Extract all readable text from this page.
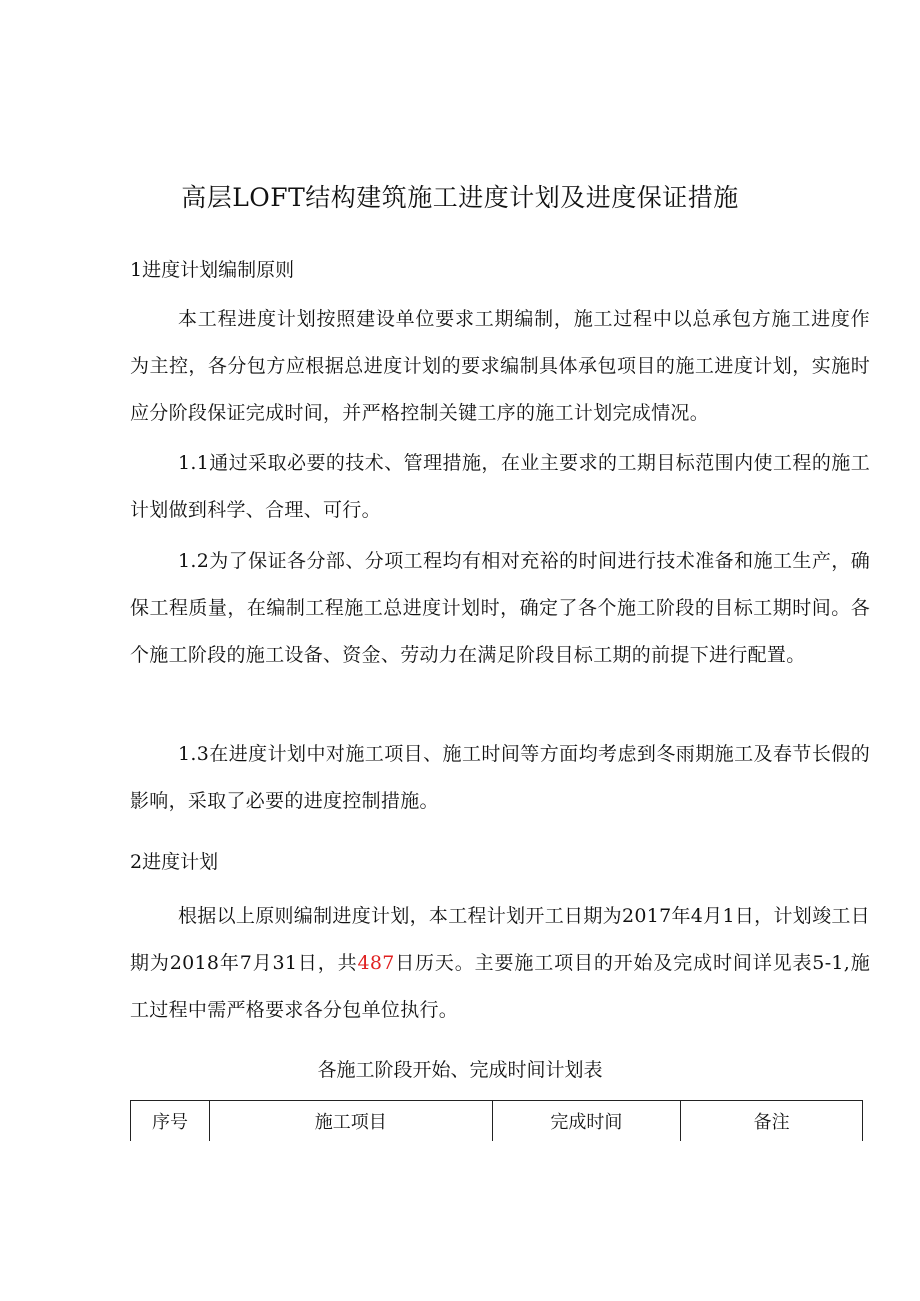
高层LOFT结构建筑施工进度计划及进度保证措施
1进度计划编制原则

本工程进度计划按照建设单位要求工期编制，施工过程中以总承包方施工进度作为主控，各分包方应根据总进度计划的要求编制具体承包项目的施工进度计划，实施时应分阶段保证完成时间，并严格控制关键工序的施工计划完成情况。

1.1通过采取必要的技术、管理措施，在业主要求的工期目标范围内使工程的施工计划做到科学、合理、可行。

1.2为了保证各分部、分项工程均有相对充裕的时间进行技术准备和施工生产，确保工程质量，在编制工程施工总进度计划时，确定了各个施工阶段的目标工期时间。各个施工阶段的施工设备、资金、劳动力在满足阶段目标工期的前提下进行配置。

1.3在进度计划中对施工项目、施工时间等方面均考虑到冬雨期施工及春节长假的影响，采取了必要的进度控制措施。

2进度计划

根据以上原则编制进度计划，本工程计划开工日期为2017年4月1日，计划竣工日期为2018年7月31日，共487日历天。主要施工项目的开始及完成时间详见表5-1,施工过程中需严格要求各分包单位执行。

各施工阶段开始、完成时间计划表
序号	施工项目	完成时间	备注
